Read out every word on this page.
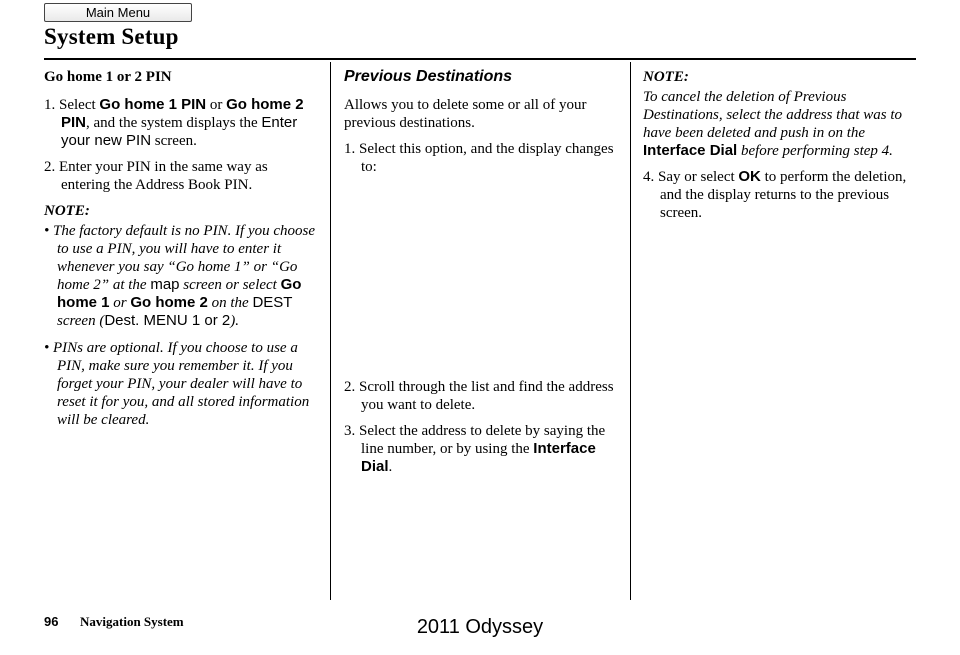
Main Menu
System Setup
Go home 1 or 2 PIN

1. Select Go home 1 PIN or Go home 2 PIN, and the system displays the Enter your new PIN screen.

2. Enter your PIN in the same way as entering the Address Book PIN.

NOTE:

• The factory default is no PIN. If you choose to use a PIN, you will have to enter it whenever you say “Go home 1” or “Go home 2” at the map screen or select Go home 1 or Go home 2 on the DEST screen (Dest. MENU 1 or 2).

• PINs are optional. If you choose to use a PIN, make sure you remember it. If you forget your PIN, your dealer will have to reset it for you, and all stored information will be cleared.

Previous Destinations

Allows you to delete some or all of your previous destinations.

1. Select this option, and the display changes to:

2. Scroll through the list and find the address you want to delete.

3. Select the address to delete by saying the line number, or by using the Interface Dial.

NOTE:

To cancel the deletion of Previous Destinations, select the address that was to have been deleted and push in on the Interface Dial before performing step 4.

4. Say or select OK to perform the deletion, and the display returns to the previous screen.

96 Navigation System	2011 Odyssey
